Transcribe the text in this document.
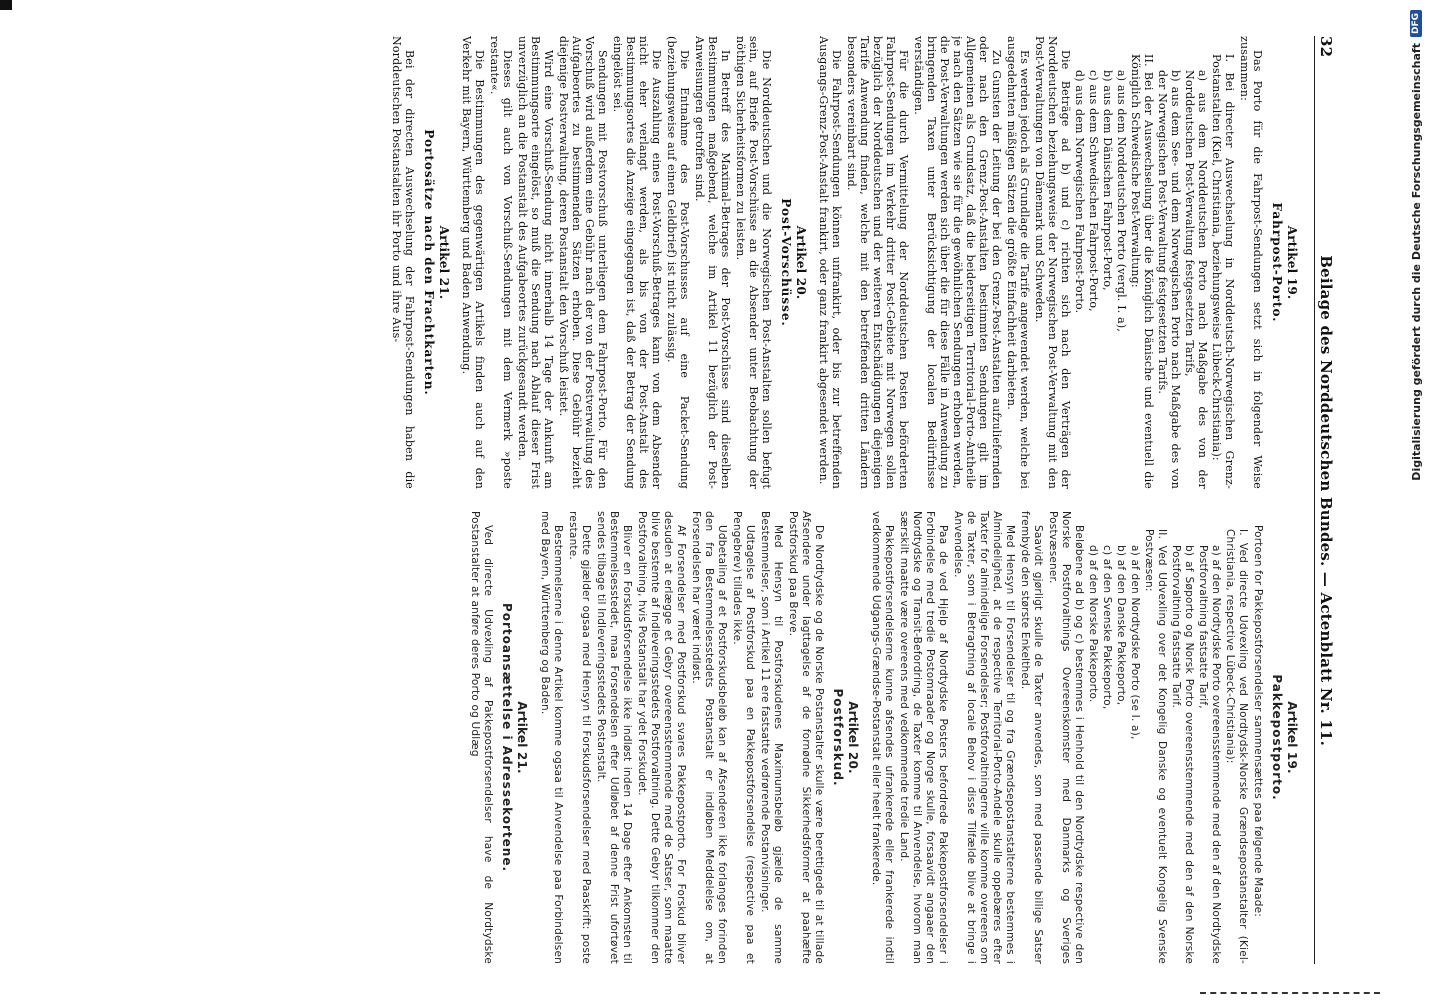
32
Beilage des Norddeutschen Bundes. — Actenblatt Nr. 11.
Artikel 19.
Fahrpost-Porto.

Das Porto für die Fahrpost-Sendungen setzt sich in folgender Weise zusammen:

I. Bei directer Auswechselung in Norddeutsch-Norwegischen Grenz-Postanstalten (Kiel, Christiania, beziehungsweise Lübeck-Christiania):
a) aus dem Norddeutschen Porto nach Maßgabe des von der Norddeutschen Post-Verwaltung festgesetzten Tarifs,
b) aus dem See- und dem Norwegischen Porto nach Maßgabe des von der Norwegischen Post-Verwaltung festgesetzten Tarifs.
II. Bei der Auswechselung über die Königlich Dänische und eventuell die Königlich Schwedische Post-Verwaltung:
a) aus dem Norddeutschen Porto (vergl. I. a),
b) aus dem Dänischen Fahrpost-Porto,
c) aus dem Schwedischen Fahrpost-Porto,
d) aus dem Norwegischen Fahrpost-Porto.

Die Beträge ad b) und c) richten sich nach den Verträgen der Norddeutschen beziehungsweise der Norwegischen Post-Verwaltung mit den Post-Verwaltungen von Dänemark und Schweden.

Es werden jedoch als Grundlage die Tarife angewendet werden, welche bei ausgedehnten mäßigen Sätzen die größte Einfachheit darbieten.

Zu Gunsten der Leitung der bei den Grenz-Post-Anstalten aufzuliefernden oder nach den Grenz-Post-Anstalten bestimmten Sendungen gilt im Allgemeinen als Grundsatz, daß die beiderseitigen Territorial-Porto-Antheile je nach den Sätzen wie sie für die gewöhnlichen Sendungen erhoben werden, die Post-Verwaltungen werden sich über die für diese Fälle in Anwendung zu bringenden Taxen unter Berücksichtigung der localen Bedürfnisse verständigen.

Für die durch Vermittelung der Norddeutschen Posten beförderten Fahrpost-Sendungen im Verkehr dritter Post-Gebiete mit Norwegen sollen bezüglich der Norddeutschen und der weiteren Entschädigungen diejenigen Tarife Anwendung finden, welche mit den betreffenden dritten Ländern besonders vereinbart sind.

Die Fahrpost-Sendungen können unfrankirt, oder bis zur betreffenden Ausgangs-Grenz-Post-Anstalt frankirt, oder ganz frankirt abgesendet werden.

Artikel 20.
Post-Vorschüsse.

Die Norddeutschen und die Norwegischen Post-Anstalten sollen befugt sein, auf Briefe Post-Vorschüsse an die Absender unter Beobachtung der nöthigen Sicherheitsformen zu leisten.

In Betreff des Maximal-Betrages der Post-Vorschüsse sind dieselben Bestimmungen maßgebend, welche im Artikel 11 bezüglich der Post-Anweisungen getroffen sind.

Die Entnahme des Post-Vorschusses auf eine Packet-Sendung (beziehungsweise auf einen Geldbrief) ist nicht zulässig.

Die Auszahlung eines Post-Vorschuß-Betrages kann von dem Absender nicht eher verlangt werden, als bis von der Post-Anstalt des Bestimmungsortes die Anzeige eingegangen ist, daß der Betrag der Sendung eingelöst sei.

Sendungen mit Postvorschuß unterliegen dem Fahrpost-Porto. Für den Vorschuß wird außerdem eine Gebühr nach der von der Postverwaltung des Aufgabeortes zu bestimmenden Sätzen erhoben. Diese Gebühr bezieht diejenige Postverwaltung, deren Postanstalt den Vorschuß leistet.

Wird eine Vorschuß-Sendung nicht innerhalb 14 Tage der Ankunft am Bestimmungsorte eingelöst, so muß die Sendung nach Ablauf dieser Frist unverzüglich an die Postanstalt des Aufgabeortes zurückgesandt werden.

Dieses gilt auch von Vorschuß-Sendungen mit dem Vermerk »poste restante«.

Die Bestimmungen des gegenwärtigen Artikels finden auch auf den Verkehr mit Bayern, Württemberg und Baden Anwendung.

Artikel 21.
Portosätze nach den Frachtkarten.

Bei der directen Auswechselung der Fahrpost-Sendungen haben die Norddeutschen Postanstalten ihr Porto und ihre Aus-

Artikel 19.
Pakkepostporto.

Portoen for Pakkepostforsendelser sammensættes paa følgende Maade:

I. Ved directe Udvexling ved Nordtydsk-Norske Grændsepostanstalter (Kiel-Christiania, respective Lübeck-Christiania):
a) af den Nordtydske Porto overeensstemmende med den af den Nordtydske Postforvaltning fastsatte Tarif,
b) af Søporto og Norsk Porto overeensstemmende med den af den Norske Postforvaltning fastsatte Tarif.
II. Ved Udvexling over det Kongelig Danske og eventuelt Kongelig Svenske Postvæsen:
a) af den Nordtydske Porto (se I. a),
b) af den Danske Pakkeporto,
c) af den Svenske Pakkeporto,
d) af den Norske Pakkeporto.

Beløbene ad b) og c) bestemmes i Henhold til den Nordtydske respective den Norske Postforvaltnings Overeenskomster med Danmarks og Sveriges Postvæsener.

Saavidt gjørligt skulle de Taxter anvendes, som med passende billige Satser frembyde den største Enkelthed.

Med Hensyn til Forsendelser til og fra Grændsepostanstalterne bestemmes i Almindelighed, at de respective Territorial-Porto-Andele skulle oppebæres efter Taxter for almindelige Forsendelser; Postforvaltningerne ville komme overeens om de Taxter, som i Betragtning af locale Behov i disse Tilfælde blive at bringe i Anvendelse.

Paa de ved Hjelp af Nordtydske Posters befordrede Pakkepostforsendelser i Forbindelse med tredie Postomraader og Norge skulle, forsaavidt angaaer den Nordtydske og Transit-Befordring, de Taxter komme til Anvendelse, hvorom man særskilt maatte være overeens med vedkommende tredie Land.

Pakkepostforsendelserne kunne afsendes ufrankerede eller frankerede indtil vedkommende Udgangs-Grændse-Postanstalt eller heelt frankerede.

Artikel 20.
Postforskud.

De Nordtydske og de Norske Postanstalter skulle være berettigede til at tillade Afsendere under Iagttagelse af de fornødne Sikkerhedsformer at paahæfte Postforskud paa Breve.

Med Hensyn til Postforskudenes Maximumsbeløb gjælde de samme Bestemmelser, som i Artikel 11 ere fastsatte vedrørende Postanvisninger.

Udtagelse af Postforskud paa en Pakkepostforsendelse (respective paa et Pengebrev) tillades ikke.

Udbetaling af et Postforskudsbeløb kan af Afsenderen ikke forlanges forinden den fra Bestemmelsesstedets Postanstalt er indløben Meddelelse om, at Forsendelsen har været indløst.

Af Forsendelser med Postforskud svares Pakkepostporto. For Forskud bliver desuden at erlægge et Gebyr overeensstemmende med de Satser, som maatte blive bestemte af Indleveringsstedets Postforvaltning. Dette Gebyr tilkommer den Postforvaltning, hvis Postanstalt har ydet Forskudet.

Bliver en Forskudsforsendelse ikke indløst inden 14 Dage efter Ankomsten til Bestemmelsesstedet, maa Forsendelsen efter Udløbet af denne Frist ufortøvet sendes tilbage til Indleveringsstedets Postanstalt.

Dette gjælder ogsaa med Hensyn til Forskudsforsendelser med Paaskrift: poste restante.

Bestemmelserne i denne Artikel komme ogsaa til Anvendelse paa Forbindelsen med Bayern, Württemberg og Baden.

Artikel 21.
Portoansættelse i Adressekortene.

Ved directe Udvexling af Pakkepostforsendelser have de Nordtydske Postanstalter at anføre deres Porto og Udlæg

Digitalisierung gefördert durch die Deutsche Forschungsgemeinschaft
DFG
